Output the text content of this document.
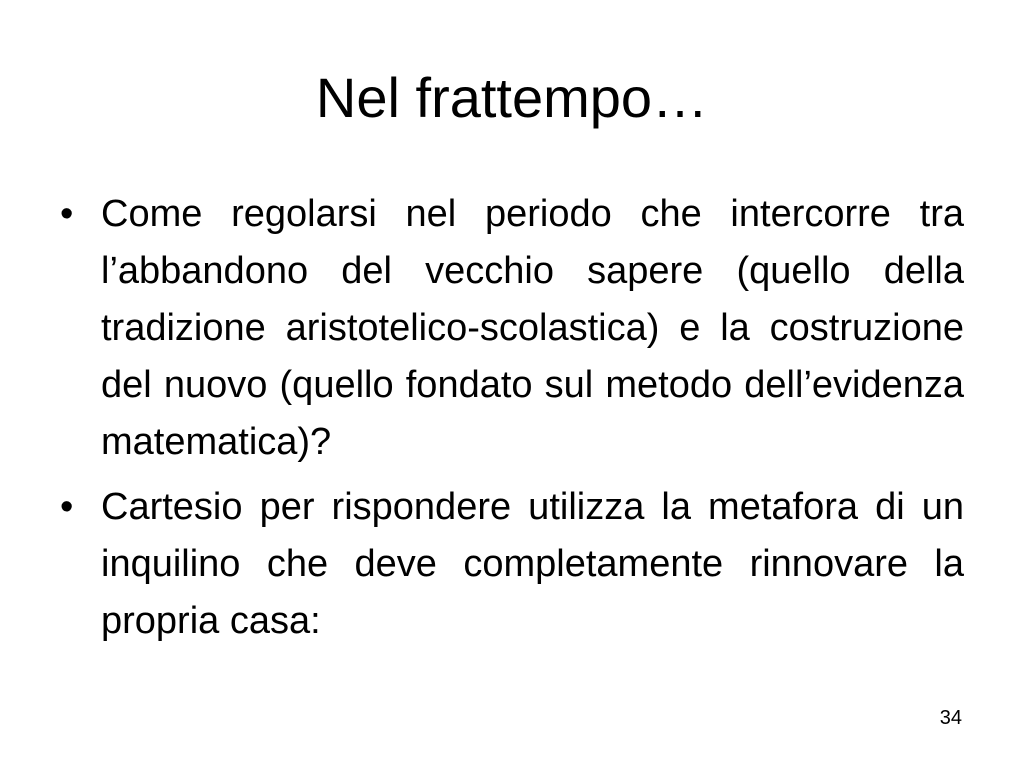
Nel frattempo…
• Come regolarsi nel periodo che intercorre tra l’abbandono del vecchio sapere (quello della tradizione aristotelico-scolastica) e la costruzione del nuovo (quello fondato sul metodo dell’evidenza matematica)?
• Cartesio per rispondere utilizza la metafora di un inquilino che deve completamente rinnovare la propria casa:
34
